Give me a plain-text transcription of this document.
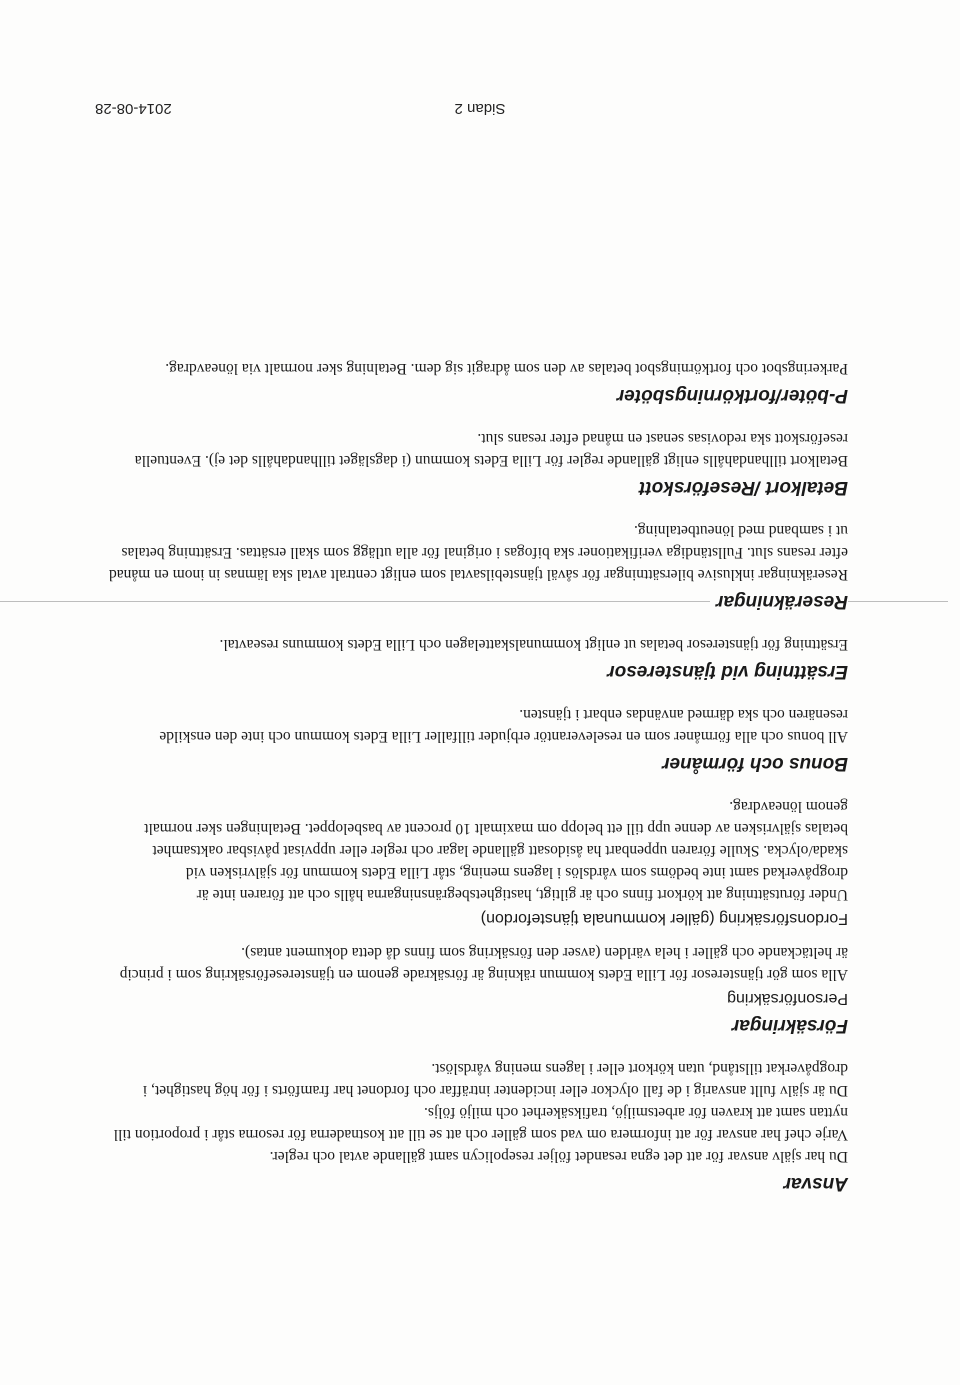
Ansvar

Du har själv ansvar för att det egna resandet följer resepolicyn samt gällande avtal och regler.

Varje chef har ansvar för att informera om vad som gäller och att se till att kostnaderna för resorna står i proportion till nyttan samt att kraven för arbetsmiljö, trafiksäkerhet och miljö följs.

Du är själv fullt ansvarig i de fall olyckor eller incidenter inträffar och fordonet har framförts i för hög hastighet, i drogpåverkat tillstånd, utan körkort eller i lagens mening vårdslöst.

Försäkringar
Personförsäkring

Alla som gör tjänsteresor för Lilla Edets kommun räkning är försäkrade genom en tjänstereseförsäkring som i princip är heltäckande och gäller i hela världen (avser den försäkring som finns då detta dokument antas).

Fordonsförsäkring (gäller kommunala tjänstefordon)

Under förutsättning att körkort finns och är giltigt, hastighetsbegränsningarna hålls och att föraren inte är drogpåverkad samt inte bedöms som vårdslös i lagens mening, står Lilla Edets kommun för självrisken vid skada/olycka. Skulle föraren uppenbart ha åsidosatt gällande lagar och regler eller uppvisat påvisbar oaktsamhet betalas självrisken av denne upp till ett belopp om maximalt 10 procent av basbeloppet. Betalningen sker normalt genom löneavdrag.

Bonus och förmåner

All bonus och alla förmåner som en reseleverantör erbjuder tillfaller Lilla Edets kommun och inte den enskilde resenären och ska därmed användas enbart i tjänsten.

Ersättning vid tjänsteresor

Ersättning för tjänsteresor betalas ut enligt kommunalskattelagen och Lilla Edets kommuns reseavtal.

Reseräkningar

Reseräkningar inklusive bilersättningar för såväl tjänstebilsavtal som enligt centralt avtal ska lämnas in inom en månad efter resans slut. Fullständiga verifikationer ska bifogas i original för alla utlägg som skall ersättas. Ersättning betalas ut i samband med löneutbetalning.

Betalkort /Reseförskott

Betalkort tillhandahålls enligt gällande regler för Lilla Edets kommun (i dagsläget tillhandahålls det ej). Eventuella reseförskott ska redovisas senast en månad efter resans slut.

P-böter/fortkörningsböter

Parkeringsbot och fortkörningsbot betalas av den som ådragit sig dem. Betalning sker normalt via löneavdrag.

Sidan 2
2014-08-28
